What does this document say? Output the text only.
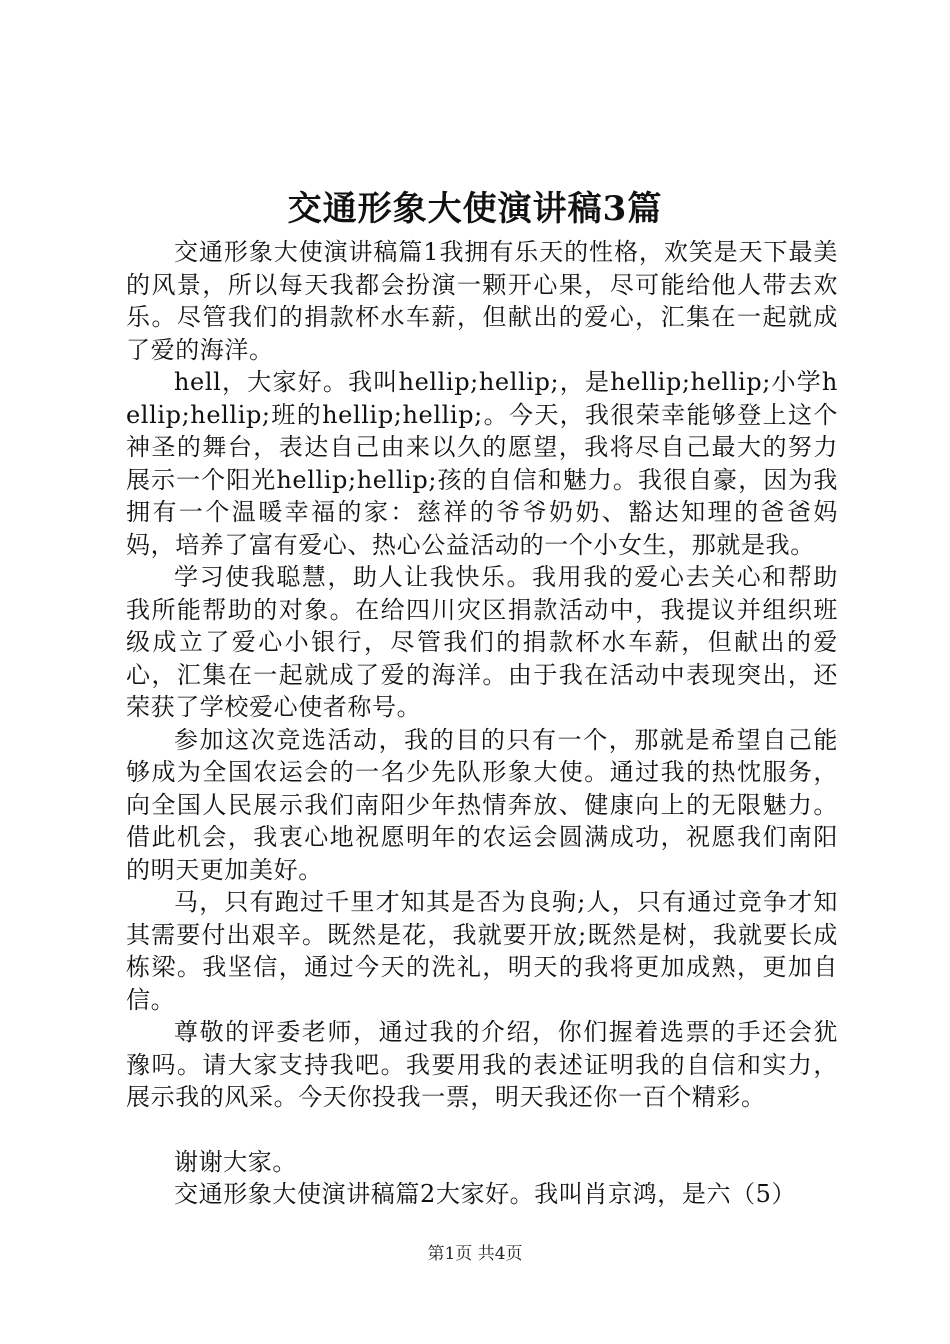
交通形象大使演讲稿3篇

交通形象大使演讲稿篇1我拥有乐天的性格，欢笑是天下最美的风景，所以每天我都会扮演一颗开心果，尽可能给他人带去欢乐。尽管我们的捐款杯水车薪，但献出的爱心，汇集在一起就成了爱的海洋。

hell，大家好。我叫hellip;hellip;，是hellip;hellip;小学hellip;hellip;班的hellip;hellip;。今天，我很荣幸能够登上这个神圣的舞台，表达自己由来以久的愿望，我将尽自己最大的努力展示一个阳光hellip;hellip;孩的自信和魅力。我很自豪，因为我拥有一个温暖幸福的家：慈祥的爷爷奶奶、豁达知理的爸爸妈妈，培养了富有爱心、热心公益活动的一个小女生，那就是我。

学习使我聪慧，助人让我快乐。我用我的爱心去关心和帮助我所能帮助的对象。在给四川灾区捐款活动中，我提议并组织班级成立了爱心小银行，尽管我们的捐款杯水车薪，但献出的爱心，汇集在一起就成了爱的海洋。由于我在活动中表现突出，还荣获了学校爱心使者称号。

参加这次竞选活动，我的目的只有一个，那就是希望自己能够成为全国农运会的一名少先队形象大使。通过我的热忱服务，向全国人民展示我们南阳少年热情奔放、健康向上的无限魅力。借此机会，我衷心地祝愿明年的农运会圆满成功，祝愿我们南阳的明天更加美好。

马，只有跑过千里才知其是否为良驹;人，只有通过竞争才知其需要付出艰辛。既然是花，我就要开放;既然是树，我就要长成栋梁。我坚信，通过今天的洗礼，明天的我将更加成熟，更加自信。

尊敬的评委老师，通过我的介绍，你们握着选票的手还会犹豫吗。请大家支持我吧。我要用我的表述证明我的自信和实力，展示我的风采。今天你投我一票，明天我还你一百个精彩。

谢谢大家。

交通形象大使演讲稿篇2大家好。我叫肖京鸿，是六（5）

第1页 共4页
